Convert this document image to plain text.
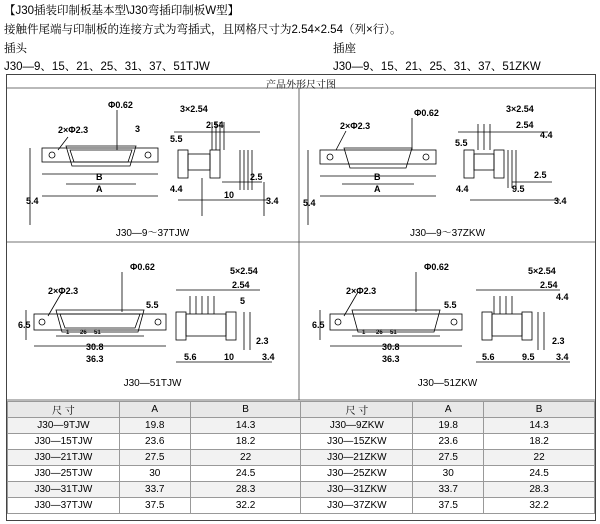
【J30插装印制板基本型\J30弯插印制板W型】
接触件尾端与印制板的连接方式为弯插式，且网格尺寸为2.54×2.54（列×行）。
插头	插座
J30—9、15、21、25、31、37、51TJW	J30—9、15、21、25、31、37、51ZKW
产品外形尺寸图
2×Φ2.3
Φ0.62	3×2.54
2.54
3
5.5
B
A
5.4
4.4
2.5
10
3.4
2×Φ2.3
Φ0.62	3×2.54
2.54
4.4
5.5
B
A
5.4
4.4
2.5
9.5
3.4
2×Φ2.3
Φ0.62	5×2.54
2.54
5.5	5
30.8
36.3
6.5
5.6
2.3
10	3.4
1 26 51
2×Φ2.3
Φ0.62	5×2.54
2.54
5.5
4.4
30.8
36.3
6.5
5.6
2.3
9.5 3.4
1 26 51
J30—9～37TJW	J30—9～37ZKW
J30—51TJW	J30—51ZKW
尺 寸	A	B	尺 寸	A	B
J30—9TJW	19.8	14.3	J30—9ZKW	19.8	14.3
J30—15TJW	23.6	18.2	J30—15ZKW	23.6	18.2
J30—21TJW	27.5	22	J30—21ZKW	27.5	22
J30—25TJW	30	24.5	J30—25ZKW	30	24.5
J30—31TJW	33.7	28.3	J30—31ZKW	33.7	28.3
J30—37TJW	37.5	32.2	J30—37ZKW	37.5	32.2
